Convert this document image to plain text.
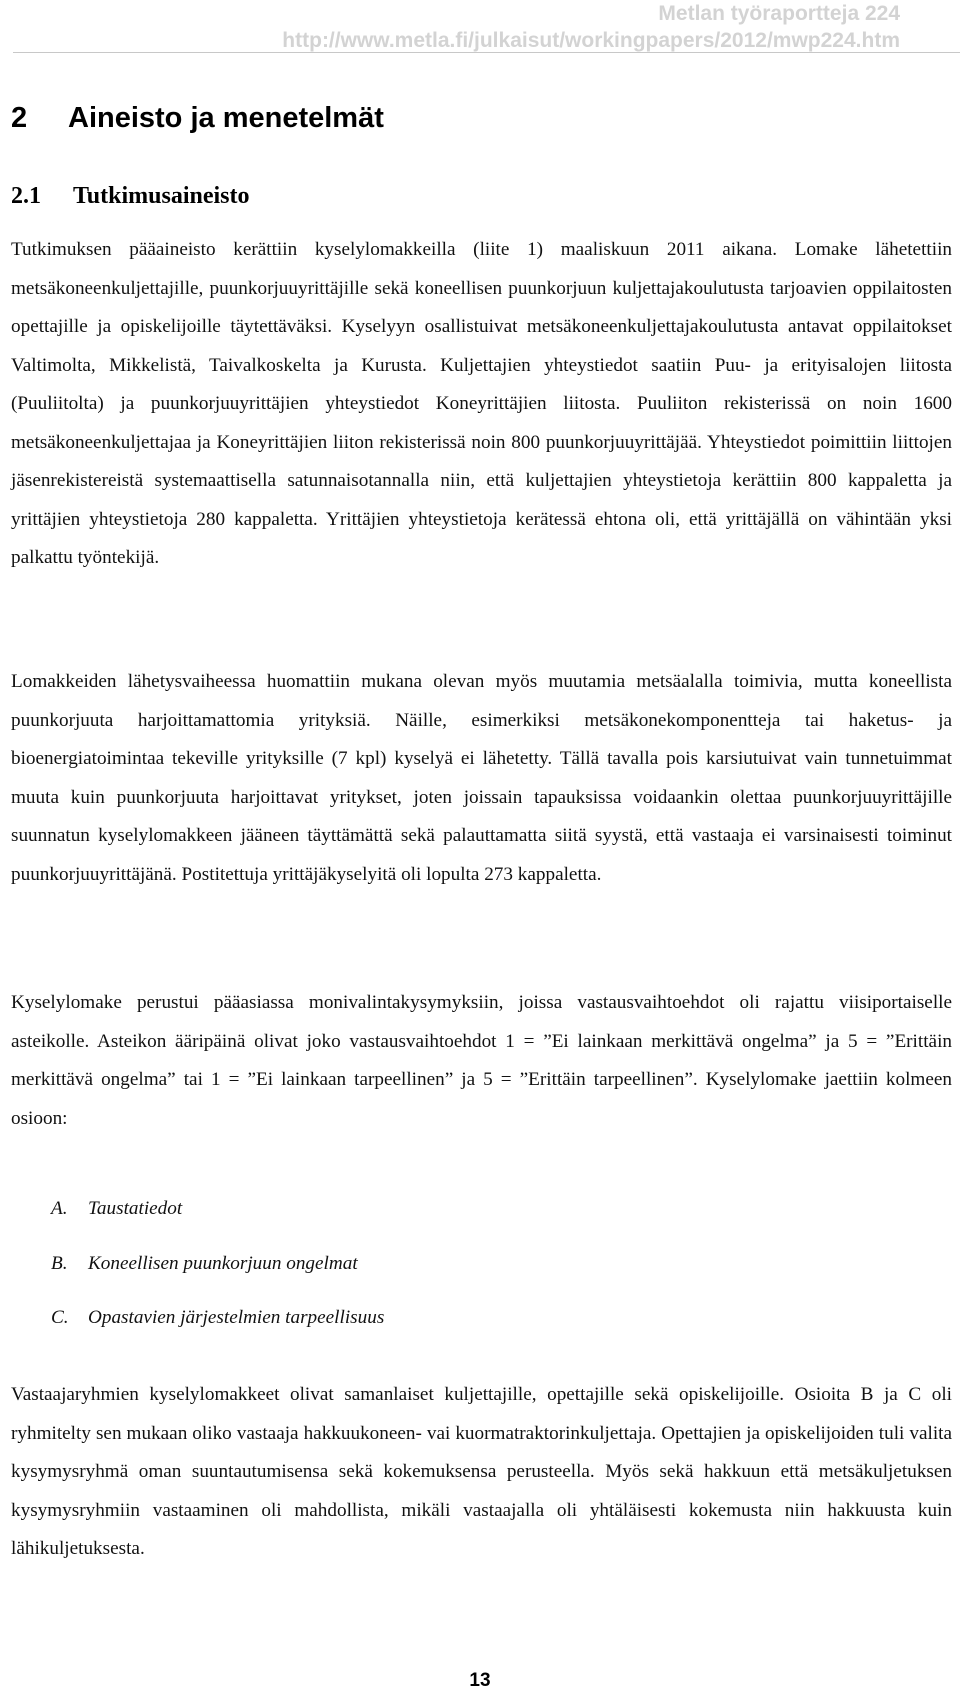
Metlan työraportteja 224
http://www.metla.fi/julkaisut/workingpapers/2012/mwp224.htm
2 Aineisto ja menetelmät
2.1 Tutkimusaineisto

Tutkimuksen pääaineisto kerättiin kyselylomakkeilla (liite 1) maaliskuun 2011 aikana. Lomake lähetettiin metsäkoneenkuljettajille, puunkorjuuyrittäjille sekä koneellisen puunkorjuun kuljettajakoulutusta tarjoavien oppilaitosten opettajille ja opiskelijoille täytettäväksi. Kyselyyn osallistuivat metsäkoneenkuljettajakoulutusta antavat oppilaitokset Valtimolta, Mikkelistä, Taivalkoskelta ja Kurusta. Kuljettajien yhteystiedot saatiin Puu- ja erityisalojen liitosta (Puuliitolta) ja puunkorjuuyrittäjien yhteystiedot Koneyrittäjien liitosta. Puuliiton rekisterissä on noin 1600 metsäkoneenkuljettajaa ja Koneyrittäjien liiton rekisterissä noin 800 puunkorjuuyrittäjää. Yhteystiedot poimittiin liittojen jäsenrekistereistä systemaattisella satunnaisotannalla niin, että kuljettajien yhteystietoja kerättiin 800 kappaletta ja yrittäjien yhteystietoja 280 kappaletta. Yrittäjien yhteystietoja kerätessä ehtona oli, että yrittäjällä on vähintään yksi palkattu työntekijä.

Lomakkeiden lähetysvaiheessa huomattiin mukana olevan myös muutamia metsäalalla toimivia, mutta koneellista puunkorjuuta harjoittamattomia yrityksiä. Näille, esimerkiksi metsäkonekomponentteja tai haketus- ja bioenergiatoimintaa tekeville yrityksille (7 kpl) kyselyä ei lähetetty. Tällä tavalla pois karsiutuivat vain tunnetuimmat muuta kuin puunkorjuuta harjoittavat yritykset, joten joissain tapauksissa voidaankin olettaa puunkorjuuyrittäjille suunnatun kyselylomakkeen jääneen täyttämättä sekä palauttamatta siitä syystä, että vastaaja ei varsinaisesti toiminut puunkorjuuyrittäjänä. Postitettuja yrittäjäkyselyitä oli lopulta 273 kappaletta.

Kyselylomake perustui pääasiassa monivalintakysymyksiin, joissa vastausvaihtoehdot oli rajattu viisiportaiselle asteikolle. Asteikon ääripäinä olivat joko vastausvaihtoehdot 1 = ”Ei lainkaan merkittävä ongelma” ja 5 = ”Erittäin merkittävä ongelma” tai 1 = ”Ei lainkaan tarpeellinen” ja 5 = ”Erittäin tarpeellinen”. Kyselylomake jaettiin kolmeen osioon:

A. Taustatiedot
B. Koneellisen puunkorjuun ongelmat
C. Opastavien järjestelmien tarpeellisuus

Vastaajaryhmien kyselylomakkeet olivat samanlaiset kuljettajille, opettajille sekä opiskelijoille. Osioita B ja C oli ryhmitelty sen mukaan oliko vastaaja hakkuukoneen- vai kuormatraktorinkuljettaja. Opettajien ja opiskelijoiden tuli valita kysymysryhmä oman suuntautumisensa sekä kokemuksensa perusteella. Myös sekä hakkuun että metsäkuljetuksen kysymysryhmiin vastaaminen oli mahdollista, mikäli vastaajalla oli yhtäläisesti kokemusta niin hakkuusta kuin lähikuljetuksesta.

13
